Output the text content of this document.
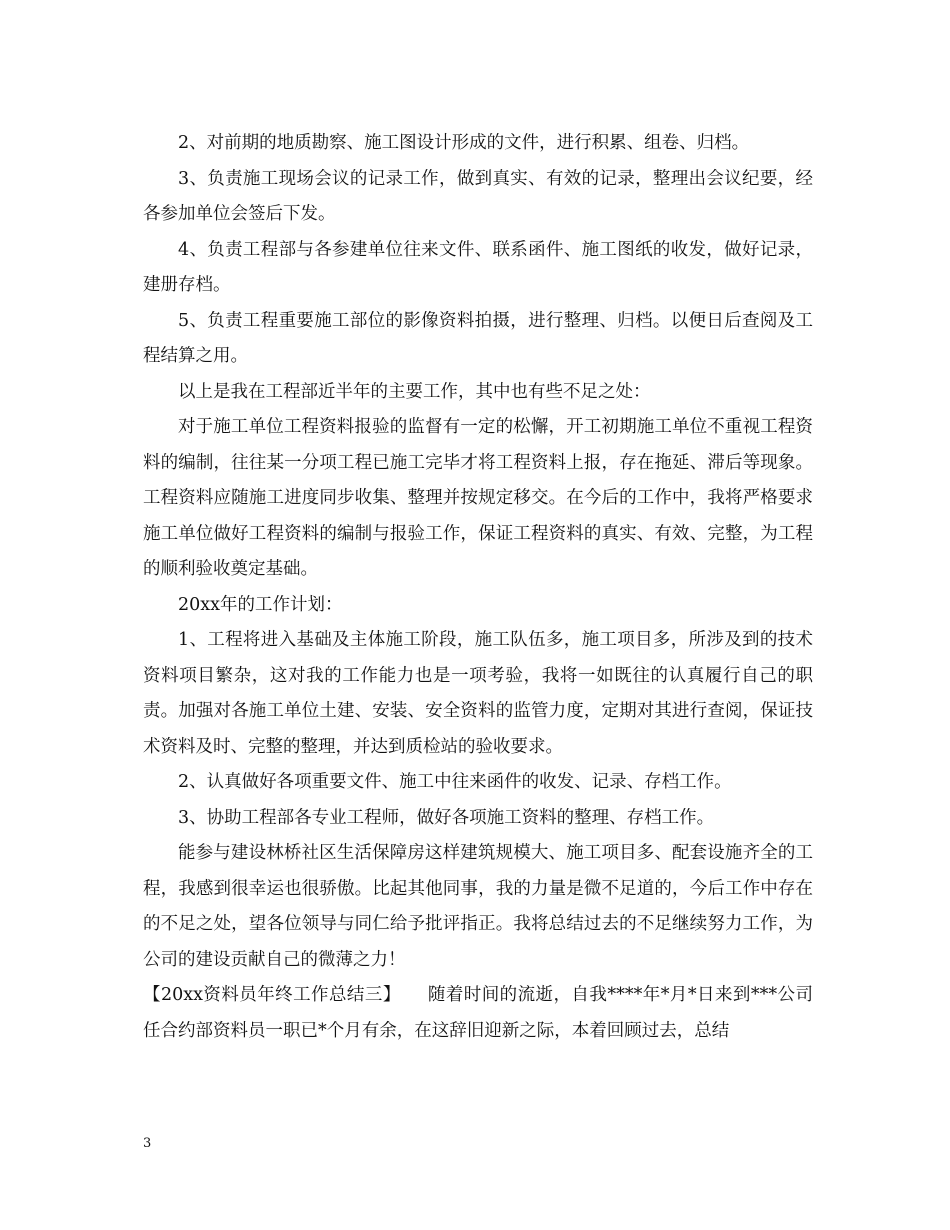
2、对前期的地质勘察、施工图设计形成的文件，进行积累、组卷、归档。

3、负责施工现场会议的记录工作，做到真实、有效的记录，整理出会议纪要，经各参加单位会签后下发。

4、负责工程部与各参建单位往来文件、联系函件、施工图纸的收发，做好记录，建册存档。

5、负责工程重要施工部位的影像资料拍摄，进行整理、归档。以便日后查阅及工程结算之用。

以上是我在工程部近半年的主要工作，其中也有些不足之处：

对于施工单位工程资料报验的监督有一定的松懈，开工初期施工单位不重视工程资料的编制，往往某一分项工程已施工完毕才将工程资料上报，存在拖延、滞后等现象。工程资料应随施工进度同步收集、整理并按规定移交。在今后的工作中，我将严格要求施工单位做好工程资料的编制与报验工作，保证工程资料的真实、有效、完整，为工程的顺利验收奠定基础。

20xx年的工作计划：

1、工程将进入基础及主体施工阶段，施工队伍多，施工项目多，所涉及到的技术资料项目繁杂，这对我的工作能力也是一项考验，我将一如既往的认真履行自己的职责。加强对各施工单位土建、安装、安全资料的监管力度，定期对其进行查阅，保证技术资料及时、完整的整理，并达到质检站的验收要求。

2、认真做好各项重要文件、施工中往来函件的收发、记录、存档工作。

3、协助工程部各专业工程师，做好各项施工资料的整理、存档工作。

能参与建设林桥社区生活保障房这样建筑规模大、施工项目多、配套设施齐全的工程，我感到很幸运也很骄傲。比起其他同事，我的力量是微不足道的，今后工作中存在的不足之处，望各位领导与同仁给予批评指正。我将总结过去的不足继续努力工作，为公司的建设贡献自己的微薄之力！

【20xx资料员年终工作总结三】　　随着时间的流逝，自我****年*月*日来到***公司任合约部资料员一职已*个月有余，在这辞旧迎新之际，本着回顾过去，总结

3
